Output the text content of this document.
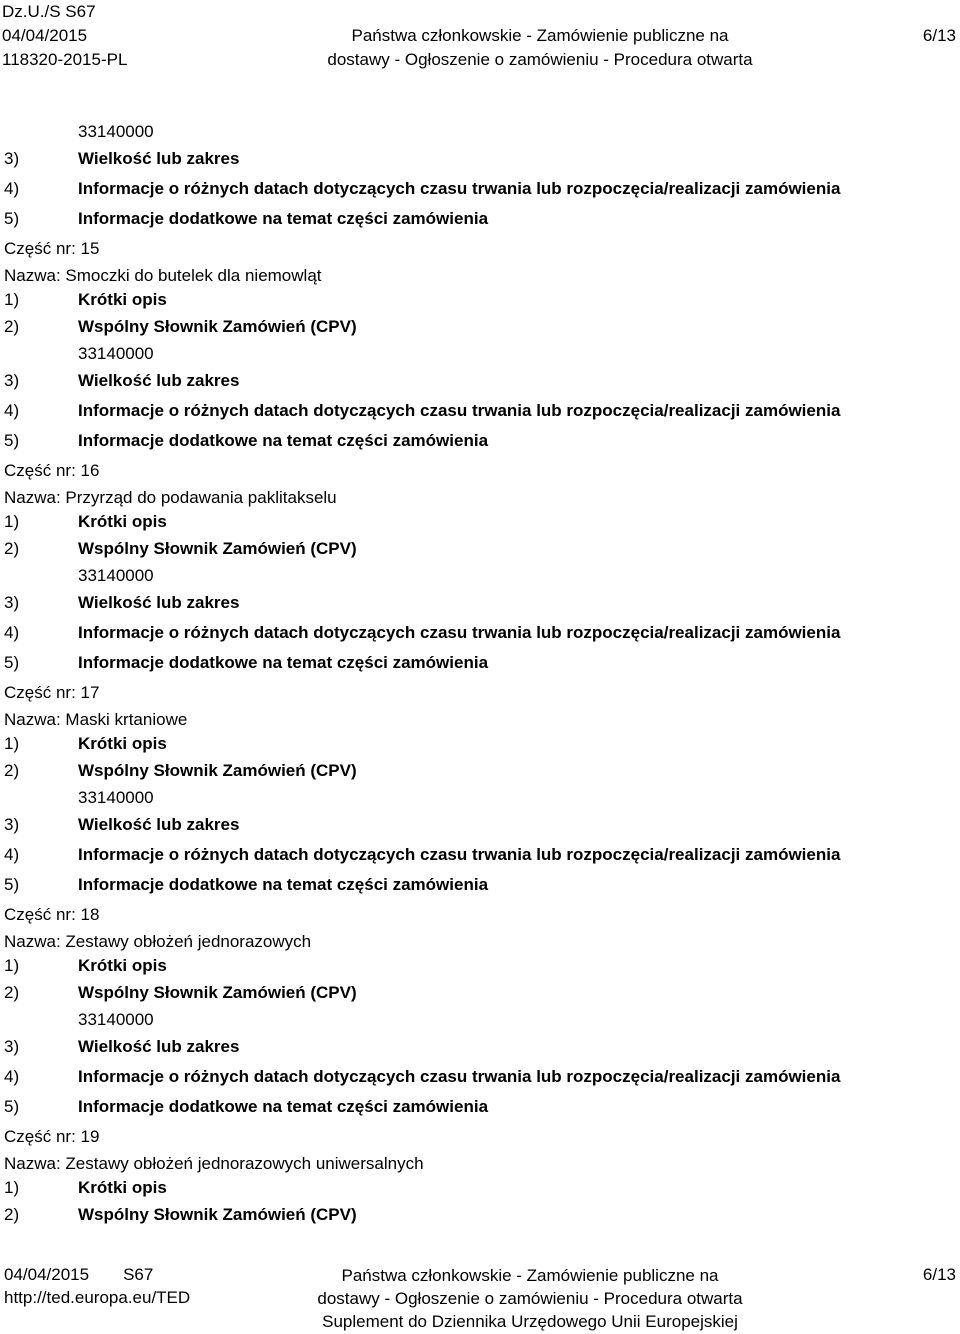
Dz.U./S S67
04/04/2015
118320-2015-PL
Państwa członkowskie - Zamówienie publiczne na
dostawy - Ogłoszenie o zamówieniu - Procedura otwarta
6/13
33140000
3)	Wielkość lub zakres
4)	Informacje o różnych datach dotyczących czasu trwania lub rozpoczęcia/realizacji zamówienia
5)	Informacje dodatkowe na temat części zamówienia
Część nr: 15
Nazwa: Smoczki do butelek dla niemowląt
1)	Krótki opis
2)	Wspólny Słownik Zamówień (CPV)
33140000
3)	Wielkość lub zakres
4)	Informacje o różnych datach dotyczących czasu trwania lub rozpoczęcia/realizacji zamówienia
5)	Informacje dodatkowe na temat części zamówienia
Część nr: 16
Nazwa: Przyrząd do podawania paklitakselu
1)	Krótki opis
2)	Wspólny Słownik Zamówień (CPV)
33140000
3)	Wielkość lub zakres
4)	Informacje o różnych datach dotyczących czasu trwania lub rozpoczęcia/realizacji zamówienia
5)	Informacje dodatkowe na temat części zamówienia
Część nr: 17
Nazwa: Maski krtaniowe
1)	Krótki opis
2)	Wspólny Słownik Zamówień (CPV)
33140000
3)	Wielkość lub zakres
4)	Informacje o różnych datach dotyczących czasu trwania lub rozpoczęcia/realizacji zamówienia
5)	Informacje dodatkowe na temat części zamówienia
Część nr: 18
Nazwa: Zestawy obłożeń jednorazowych
1)	Krótki opis
2)	Wspólny Słownik Zamówień (CPV)
33140000
3)	Wielkość lub zakres
4)	Informacje o różnych datach dotyczących czasu trwania lub rozpoczęcia/realizacji zamówienia
5)	Informacje dodatkowe na temat części zamówienia
Część nr: 19
Nazwa: Zestawy obłożeń jednorazowych uniwersalnych
1)	Krótki opis
2)	Wspólny Słownik Zamówień (CPV)
04/04/2015 S67
http://ted.europa.eu/TED
Państwa członkowskie - Zamówienie publiczne na
dostawy - Ogłoszenie o zamówieniu - Procedura otwarta
Suplement do Dziennika Urzędowego Unii Europejskiej
6/13
